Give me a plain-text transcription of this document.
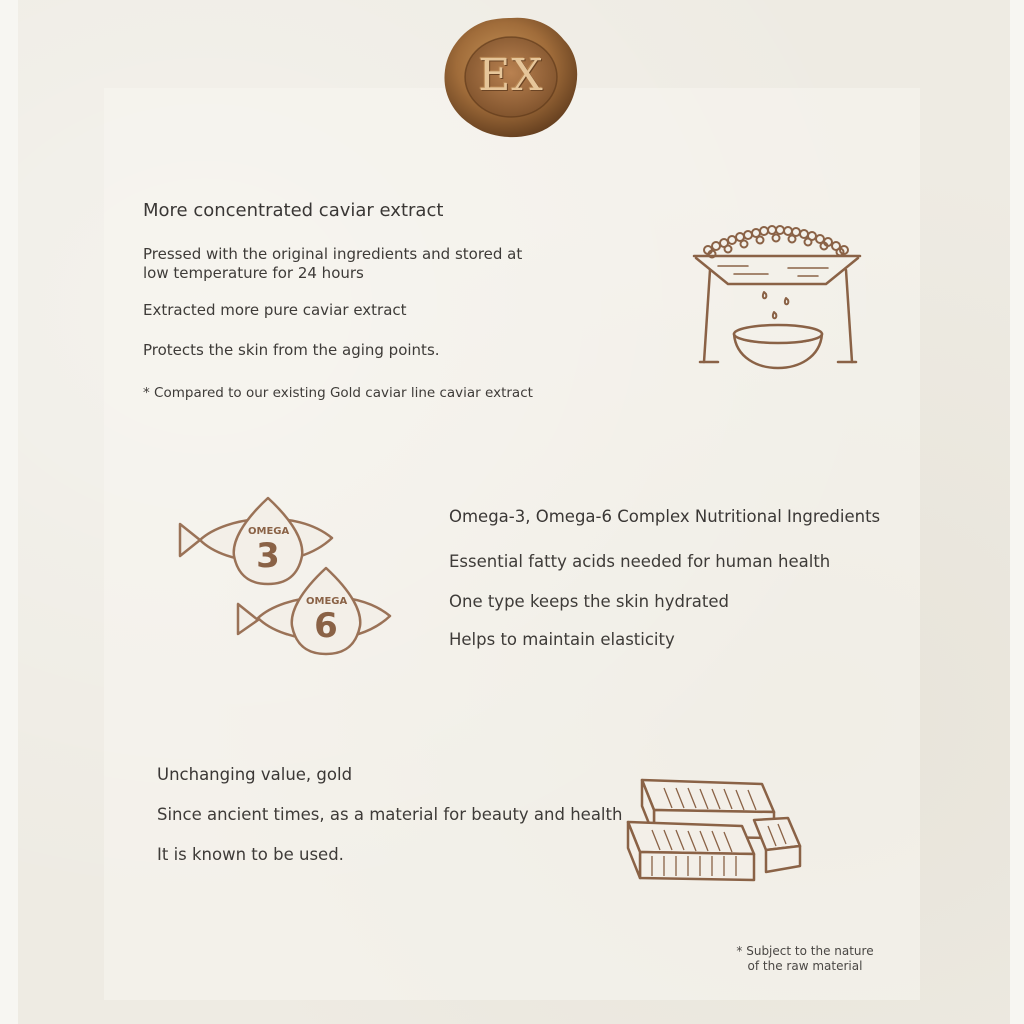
EX
More concentrated caviar extract
Pressed with the original ingredients and stored at
low temperature for 24 hours
Extracted more pure caviar extract
Protects the skin from the aging points.
* Compared to our existing Gold caviar line caviar extract
OMEGA
3
OMEGA
6
Omega-3, Omega-6 Complex Nutritional Ingredients
Essential fatty acids needed for human health
One type keeps the skin hydrated
Helps to maintain elasticity
Unchanging value, gold
Since ancient times, as a material for beauty and health
It is known to be used.
* Subject to the nature
of the raw material
